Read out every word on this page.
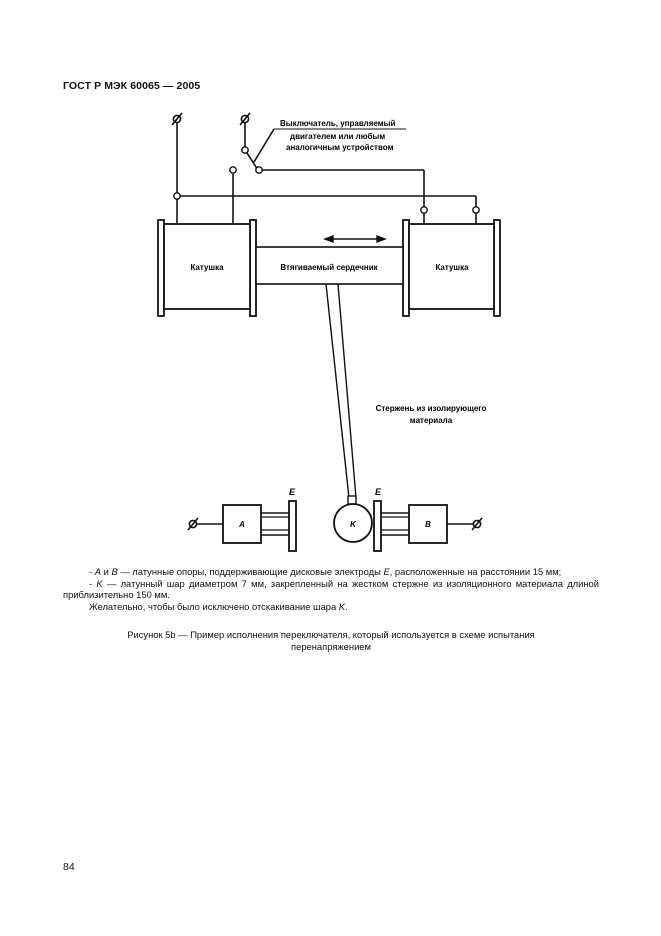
ГОСТ Р МЭК 60065 — 2005
Выключатель, управляемый
двигателем или любым
аналогичным устройством
Катушка	Катушка
Втягиваемый сердечник
Стержень из изолирующего
материала
E	E
A	B
K

- A и B — латунные опоры, поддерживающие дисковые электроды E, расположенные на расстоянии 15 мм;

- K — латунный шар диаметром 7 мм, закрепленный на жестком стержне из изоляционного материала длиной приблизительно 150 мм.

Желательно, чтобы было исключено отскакивание шара K.

Рисунок 5b — Пример исполнения переключателя, который используется в схеме испытания
перенапряжением
84
